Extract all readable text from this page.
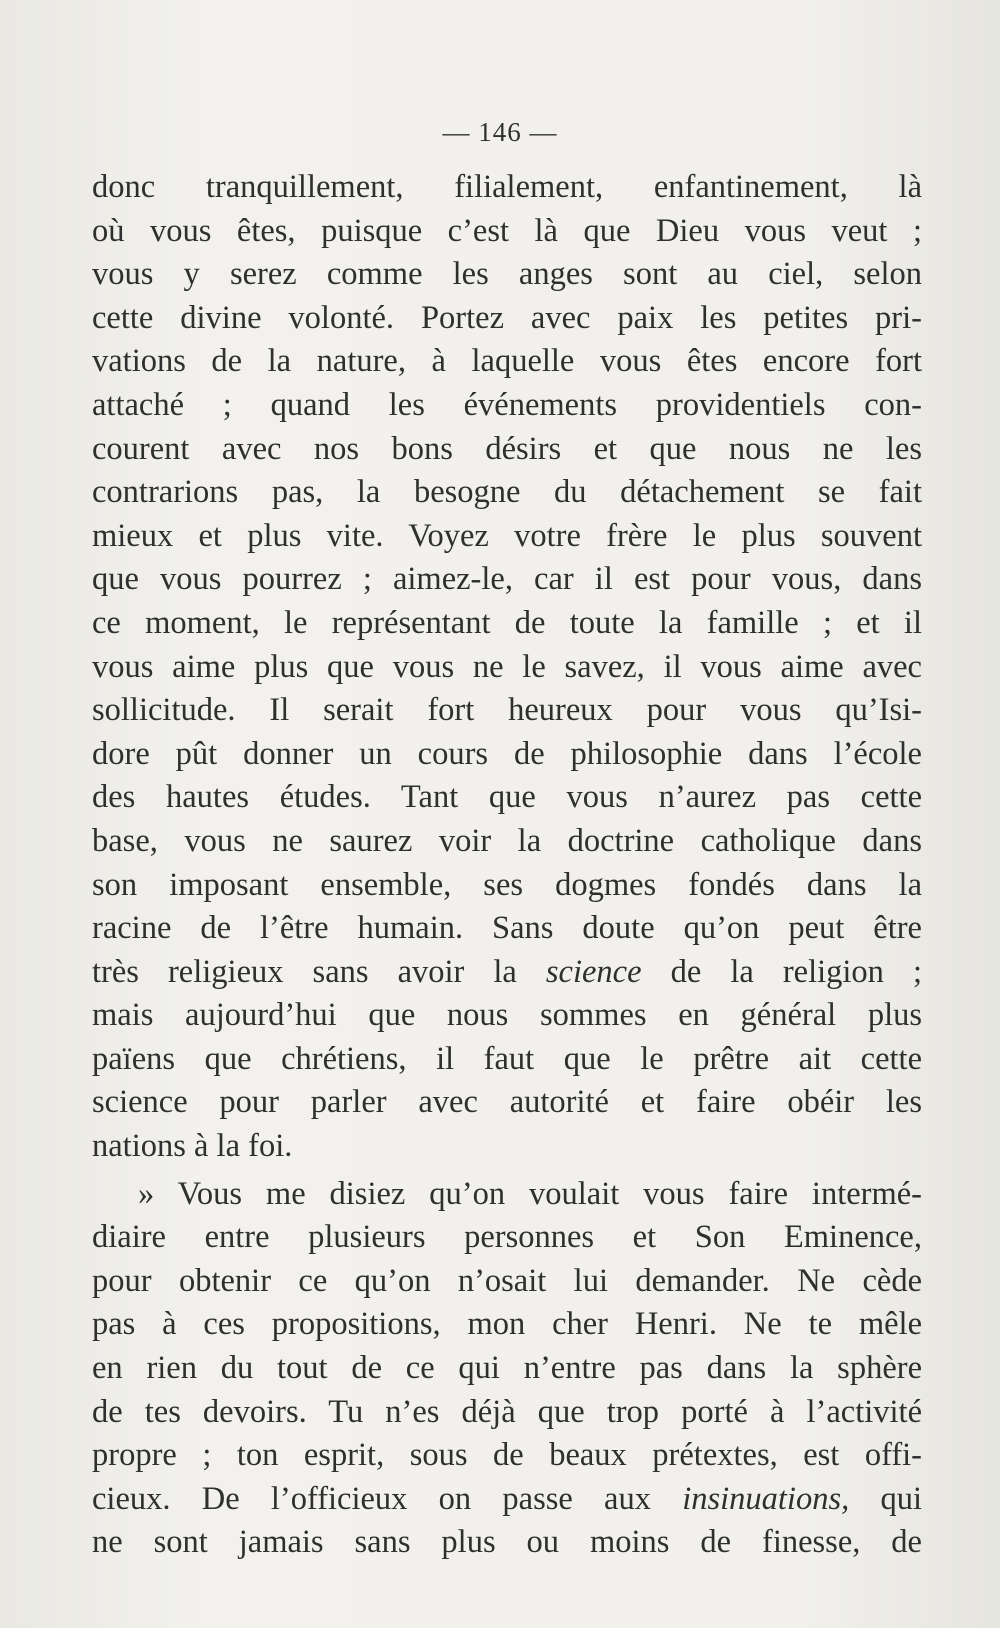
— 146 —
donc tranquillement, filialement, enfantinement, là
où vous êtes, puisque c’est là que Dieu vous veut ;
vous y serez comme les anges sont au ciel, selon
cette divine volonté. Portez avec paix les petites pri-
vations de la nature, à laquelle vous êtes encore fort
attaché ; quand les événements providentiels con-
courent avec nos bons désirs et que nous ne les
contrarions pas, la besogne du détachement se fait
mieux et plus vite. Voyez votre frère le plus souvent
que vous pourrez ; aimez-le, car il est pour vous, dans
ce moment, le représentant de toute la famille ; et il
vous aime plus que vous ne le savez, il vous aime avec
sollicitude. Il serait fort heureux pour vous qu’Isi-
dore pût donner un cours de philosophie dans l’école
des hautes études. Tant que vous n’aurez pas cette
base, vous ne saurez voir la doctrine catholique dans
son imposant ensemble, ses dogmes fondés dans la
racine de l’être humain. Sans doute qu’on peut être
très religieux sans avoir la science de la religion ;
mais aujourd’hui que nous sommes en général plus
païens que chrétiens, il faut que le prêtre ait cette
science pour parler avec autorité et faire obéir les
nations à la foi.
» Vous me disiez qu’on voulait vous faire intermé-
diaire entre plusieurs personnes et Son Eminence,
pour obtenir ce qu’on n’osait lui demander. Ne cède
pas à ces propositions, mon cher Henri. Ne te mêle
en rien du tout de ce qui n’entre pas dans la sphère
de tes devoirs. Tu n’es déjà que trop porté à l’activité
propre ; ton esprit, sous de beaux prétextes, est offi-
cieux. De l’officieux on passe aux insinuations, qui
ne sont jamais sans plus ou moins de finesse, de
